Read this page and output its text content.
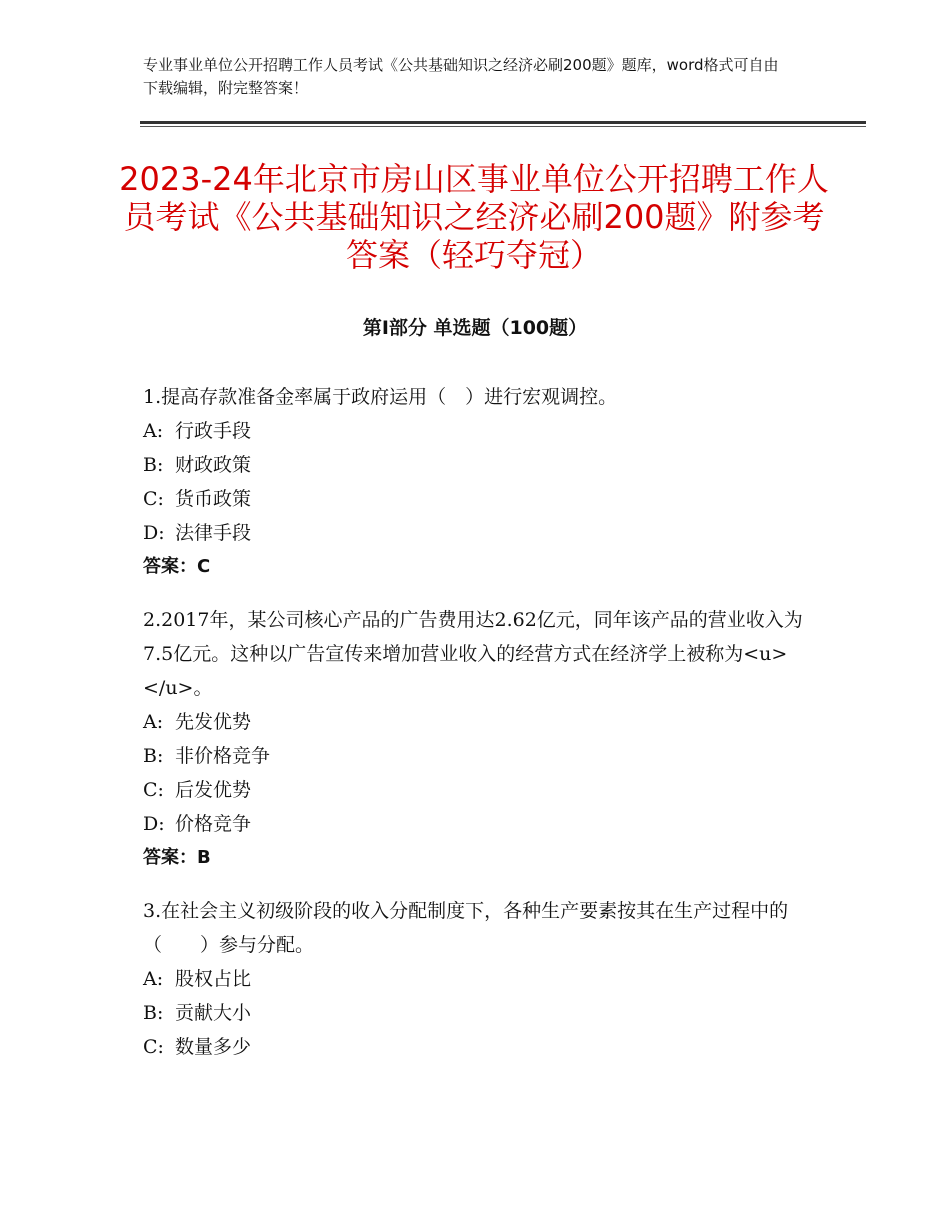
专业事业单位公开招聘工作人员考试《公共基础知识之经济必刷200题》题库，word格式可自由下载编辑，附完整答案！
2023-24年北京市房山区事业单位公开招聘工作人员考试《公共基础知识之经济必刷200题》附参考答案（轻巧夺冠）
第Ⅰ部分 单选题（100题）

1.提高存款准备金率属于政府运用（　）进行宏观调控。

A: 行政手段
B: 财政政策
C: 货币政策
D: 法律手段
答案：C

2.2017年，某公司核心产品的广告费用达2.62亿元，同年该产品的营业收入为7.5亿元。这种以广告宣传来增加营业收入的经营方式在经济学上被称为<u>　　　　</u>。

A: 先发优势
B: 非价格竞争
C: 后发优势
D: 价格竞争
答案：B

3.在社会主义初级阶段的收入分配制度下，各种生产要素按其在生产过程中的（　　）参与分配。

A: 股权占比
B: 贡献大小
C: 数量多少
